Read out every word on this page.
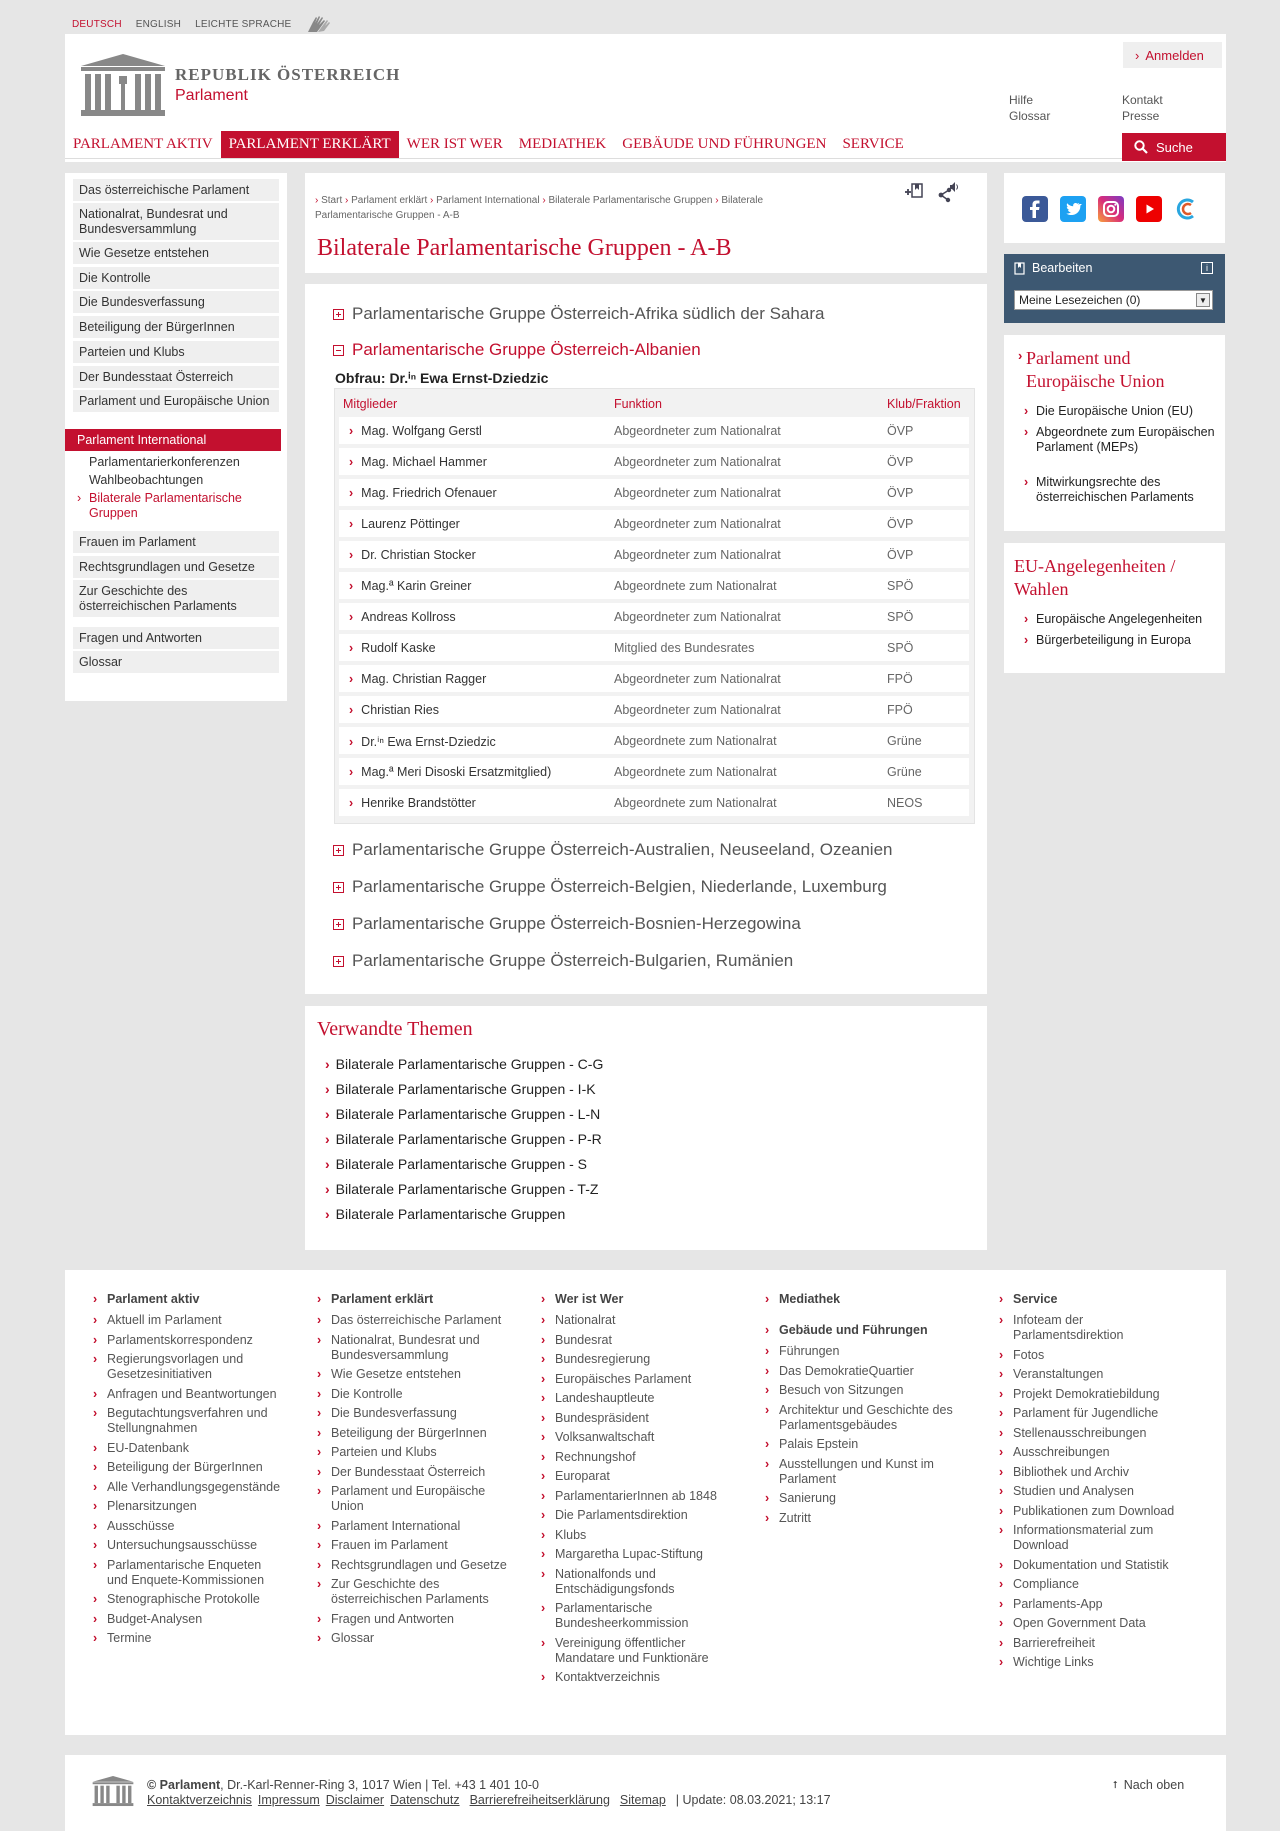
DEUTSCH ENGLISH LEICHTE SPRACHE
REPUBLIK ÖSTERREICH
Parlament
› Anmelden
Hilfe
Glossar
Kontakt
Presse
PARLAMENT AKTIV	PARLAMENT ERKLÄRT	WER IST WER	MEDIATHEK	GEBÄUDE UND FÜHRUNGEN	SERVICE	Suche
Das österreichische Parlament
Nationalrat, Bundesrat und Bundesversammlung
Wie Gesetze entstehen
Die Kontrolle
Die Bundesverfassung
Beteiligung der BürgerInnen
Parteien und Klubs
Der Bundesstaat Österreich
Parlament und Europäische Union
Parlament International
Parlamentarierkonferenzen
Wahlbeobachtungen
› Bilaterale Parlamentarische Gruppen
Frauen im Parlament
Rechtsgrundlagen und Gesetze
Zur Geschichte des österreichischen Parlaments
Fragen und Antworten
Glossar
› Start › Parlament erklärt › Parlament International › Bilaterale Parlamentarische Gruppen › Bilaterale Parlamentarische Gruppen - A-B
Bilaterale Parlamentarische Gruppen - A-B
Parlamentarische Gruppe Österreich-Afrika südlich der Sahara
Parlamentarische Gruppe Österreich-Albanien
Obfrau: Dr.ⁱⁿ Ewa Ernst-Dziedzic
Mitglieder	Funktion	Klub/Fraktion
› Mag. Wolfgang Gerstl	Abgeordneter zum Nationalrat	ÖVP
› Mag. Michael Hammer	Abgeordneter zum Nationalrat	ÖVP
› Mag. Friedrich Ofenauer	Abgeordneter zum Nationalrat	ÖVP
› Laurenz Pöttinger	Abgeordneter zum Nationalrat	ÖVP
› Dr. Christian Stocker	Abgeordneter zum Nationalrat	ÖVP
› Mag.ª Karin Greiner	Abgeordnete zum Nationalrat	SPÖ
› Andreas Kollross	Abgeordneter zum Nationalrat	SPÖ
› Rudolf Kaske	Mitglied des Bundesrates	SPÖ
› Mag. Christian Ragger	Abgeordneter zum Nationalrat	FPÖ
› Christian Ries	Abgeordneter zum Nationalrat	FPÖ
› Dr.ⁱⁿ Ewa Ernst-Dziedzic	Abgeordnete zum Nationalrat	Grüne
› Mag.ª Meri Disoski Ersatzmitglied)	Abgeordnete zum Nationalrat	Grüne
› Henrike Brandstötter	Abgeordnete zum Nationalrat	NEOS
Parlamentarische Gruppe Österreich-Australien, Neuseeland, Ozeanien
Parlamentarische Gruppe Österreich-Belgien, Niederlande, Luxemburg
Parlamentarische Gruppe Österreich-Bosnien-Herzegowina
Parlamentarische Gruppe Österreich-Bulgarien, Rumänien
Verwandte Themen
› Bilaterale Parlamentarische Gruppen - C-G
› Bilaterale Parlamentarische Gruppen - I-K
› Bilaterale Parlamentarische Gruppen - L-N
› Bilaterale Parlamentarische Gruppen - P-R
› Bilaterale Parlamentarische Gruppen - S
› Bilaterale Parlamentarische Gruppen - T-Z
› Bilaterale Parlamentarische Gruppen
Bearbeiten	i
Meine Lesezeichen (0)	▼
› Parlament und Europäische Union
› Die Europäische Union (EU)
› Abgeordnete zum Europäischen Parlament (MEPs)
› Mitwirkungsrechte des österreichischen Parlaments
EU-Angelegenheiten / Wahlen
› Europäische Angelegenheiten
› Bürgerbeteiligung in Europa
› Parlament aktiv
› Aktuell im Parlament
› Parlamentskorrespondenz
› Regierungsvorlagen und Gesetzesinitiativen
› Anfragen und Beantwortungen
› Begutachtungsverfahren und Stellungnahmen
› EU-Datenbank
› Beteiligung der BürgerInnen
› Alle Verhandlungsgegenstände
› Plenarsitzungen
› Ausschüsse
› Untersuchungsausschüsse
› Parlamentarische Enqueten und Enquete-Kommissionen
› Stenographische Protokolle
› Budget-Analysen
› Termine
› Parlament erklärt
› Das österreichische Parlament
› Nationalrat, Bundesrat und Bundesversammlung
› Wie Gesetze entstehen
› Die Kontrolle
› Die Bundesverfassung
› Beteiligung der BürgerInnen
› Parteien und Klubs
› Der Bundesstaat Österreich
› Parlament und Europäische Union
› Parlament International
› Frauen im Parlament
› Rechtsgrundlagen und Gesetze
› Zur Geschichte des österreichischen Parlaments
› Fragen und Antworten
› Glossar
› Wer ist Wer
› Nationalrat
› Bundesrat
› Bundesregierung
› Europäisches Parlament
› Landeshauptleute
› Bundespräsident
› Volksanwaltschaft
› Rechnungshof
› Europarat
› ParlamentarierInnen ab 1848
› Die Parlamentsdirektion
› Klubs
› Margaretha Lupac-Stiftung
› Nationalfonds und Entschädigungsfonds
› Parlamentarische Bundesheerkommission
› Vereinigung öffentlicher Mandatare und Funktionäre
› Kontaktverzeichnis
› Mediathek
› Gebäude und Führungen
› Führungen
› Das DemokratieQuartier
› Besuch von Sitzungen
› Architektur und Geschichte des Parlamentsgebäudes
› Palais Epstein
› Ausstellungen und Kunst im Parlament
› Sanierung
› Zutritt
› Service
› Infoteam der Parlamentsdirektion
› Fotos
› Veranstaltungen
› Projekt Demokratiebildung
› Parlament für Jugendliche
› Stellenausschreibungen
› Ausschreibungen
› Bibliothek und Archiv
› Studien und Analysen
› Publikationen zum Download
› Informationsmaterial zum Download
› Dokumentation und Statistik
› Compliance
› Parlaments-App
› Open Government Data
› Barrierefreiheit
› Wichtige Links
© Parlament, Dr.-Karl-Renner-Ring 3, 1017 Wien | Tel. +43 1 401 10-0
Kontaktverzeichnis Impressum Disclaimer Datenschutz Barrierefreiheitserklärung Sitemap | Update: 08.03.2021; 13:17
⭡ Nach oben
